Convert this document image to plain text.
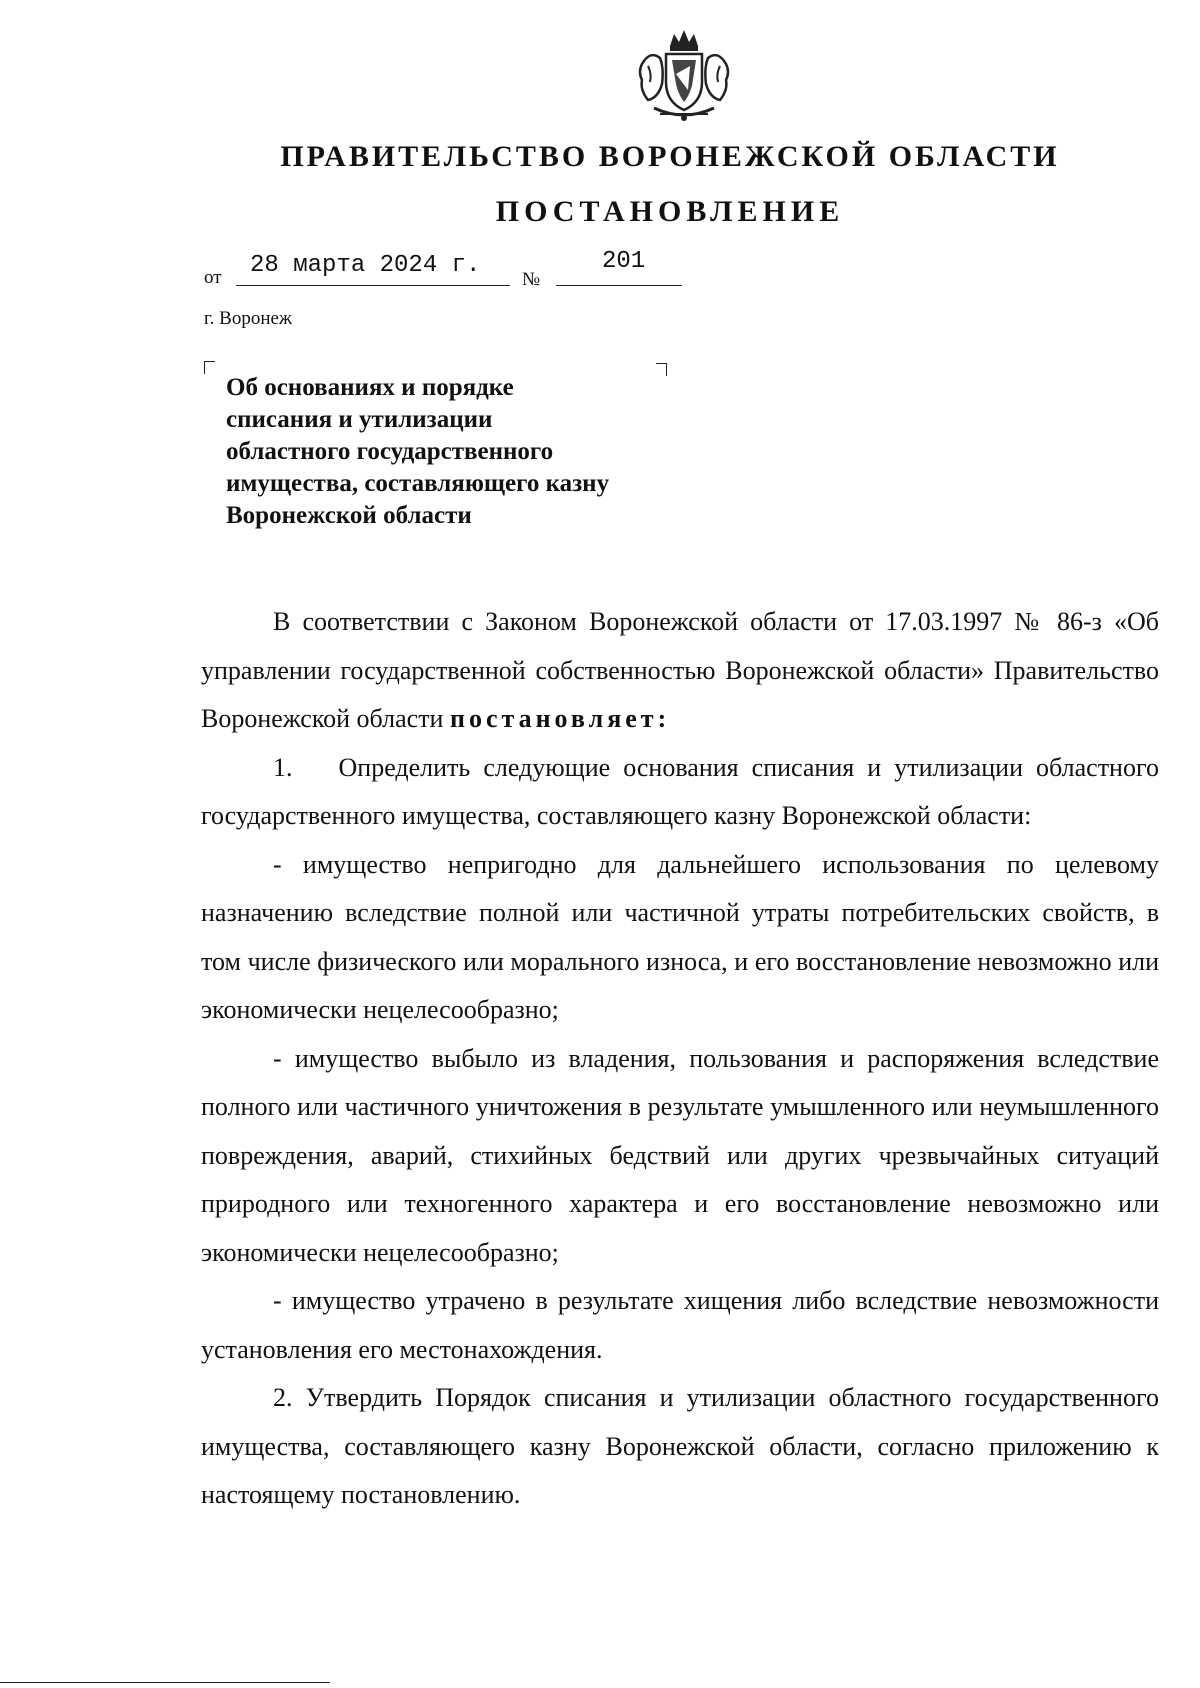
ПРАВИТЕЛЬСТВО ВОРОНЕЖСКОЙ ОБЛАСТИ
ПОСТАНОВЛЕНИЕ
от 28 марта 2024 г.
№
201
г. Воронеж
Об основаниях и порядке
списания и утилизации
областного государственного
имущества, составляющего казну
Воронежской области

В соответствии с Законом Воронежской области от 17.03.1997 № 86-з «Об управлении государственной собственностью Воронежской области» Правительство Воронежской области постановляет:

1. Определить следующие основания списания и утилизации областного государственного имущества, составляющего казну Воронежской области:

- имущество непригодно для дальнейшего использования по целевому назначению вследствие полной или частичной утраты потребительских свойств, в том числе физического или морального износа, и его восстановление невозможно или экономически нецелесообразно;

- имущество выбыло из владения, пользования и распоряжения вследствие полного или частичного уничтожения в результате умышленного или неумышленного повреждения, аварий, стихийных бедствий или других чрезвычайных ситуаций природного или техногенного характера и его восстановление невозможно или экономически нецелесообразно;

- имущество утрачено в результате хищения либо вследствие невозможности установления его местонахождения.

2. Утвердить Порядок списания и утилизации областного государственного имущества, составляющего казну Воронежской области, согласно приложению к настоящему постановлению.
